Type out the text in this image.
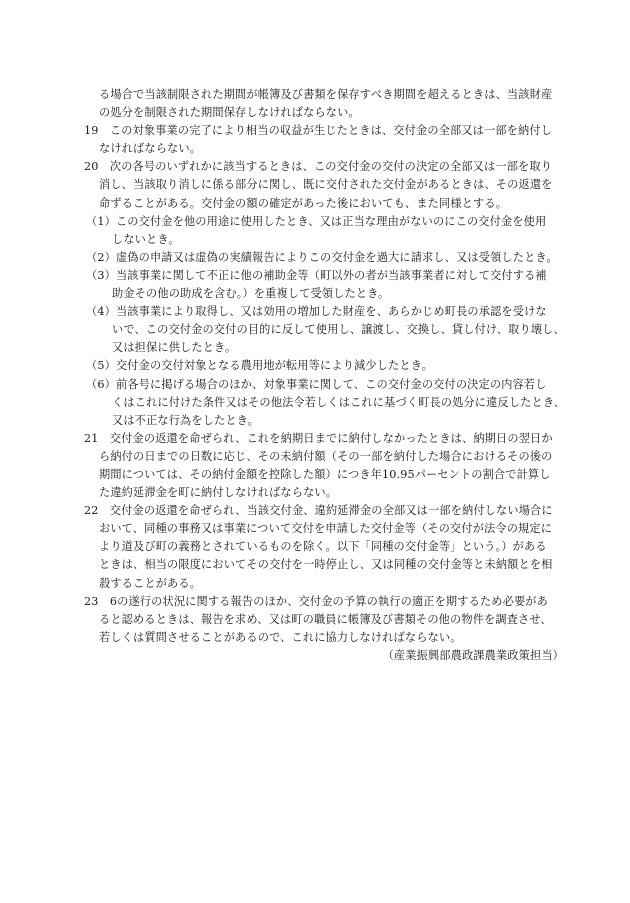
る場合で当該制限された期間が帳簿及び書類を保存すべき期間を超えるときは、当該財産
の処分を制限された期間保存しなければならない。
19　この対象事業の完了により相当の収益が生じたときは、交付金の全部又は一部を納付し
なければならない。
20　次の各号のいずれかに該当するときは、この交付金の交付の決定の全部又は一部を取り
消し、当該取り消しに係る部分に関し、既に交付された交付金があるときは、その返還を
命ずることがある。交付金の額の確定があった後においても、また同様とする。
（1）この交付金を他の用途に使用したとき、又は正当な理由がないのにこの交付金を使用
しないとき。
（2）虚偽の申請又は虚偽の実績報告によりこの交付金を過大に請求し、又は受領したとき。
（3）当該事業に関して不正に他の補助金等（町以外の者が当該事業者に対して交付する補
助金その他の助成を含む。）を重複して受領したとき。
（4）当該事業により取得し、又は効用の増加した財産を、あらかじめ町長の承認を受けな
いで、この交付金の交付の目的に反して使用し、譲渡し、交換し、貸し付け、取り壊し、
又は担保に供したとき。
（5）交付金の交付対象となる農用地が転用等により減少したとき。
（6）前各号に掲げる場合のほか、対象事業に関して、この交付金の交付の決定の内容若し
くはこれに付けた条件又はその他法令若しくはこれに基づく町長の処分に違反したとき、
又は不正な行為をしたとき。
21　交付金の返還を命ぜられ、これを納期日までに納付しなかったときは、納期日の翌日か
ら納付の日までの日数に応じ、その未納付額（その一部を納付した場合におけるその後の
期間については、その納付金額を控除した額）につき年10.95パーセントの割合で計算し
た違約延滞金を町に納付しなければならない。
22　交付金の返還を命ぜられ、当該交付金、違約延滞金の全部又は一部を納付しない場合に
おいて、同種の事務又は事業について交付を申請した交付金等（その交付が法令の規定に
より道及び町の義務とされているものを除く。以下「同種の交付金等」という。）がある
ときは、相当の限度においてその交付を一時停止し、又は同種の交付金等と未納額とを相
殺することがある。
23　6の遂行の状況に関する報告のほか、交付金の予算の執行の適正を期するため必要があ
ると認めるときは、報告を求め、又は町の職員に帳簿及び書類その他の物件を調査させ、
若しくは質問させることがあるので、これに協力しなければならない。
（産業振興部農政課農業政策担当）
